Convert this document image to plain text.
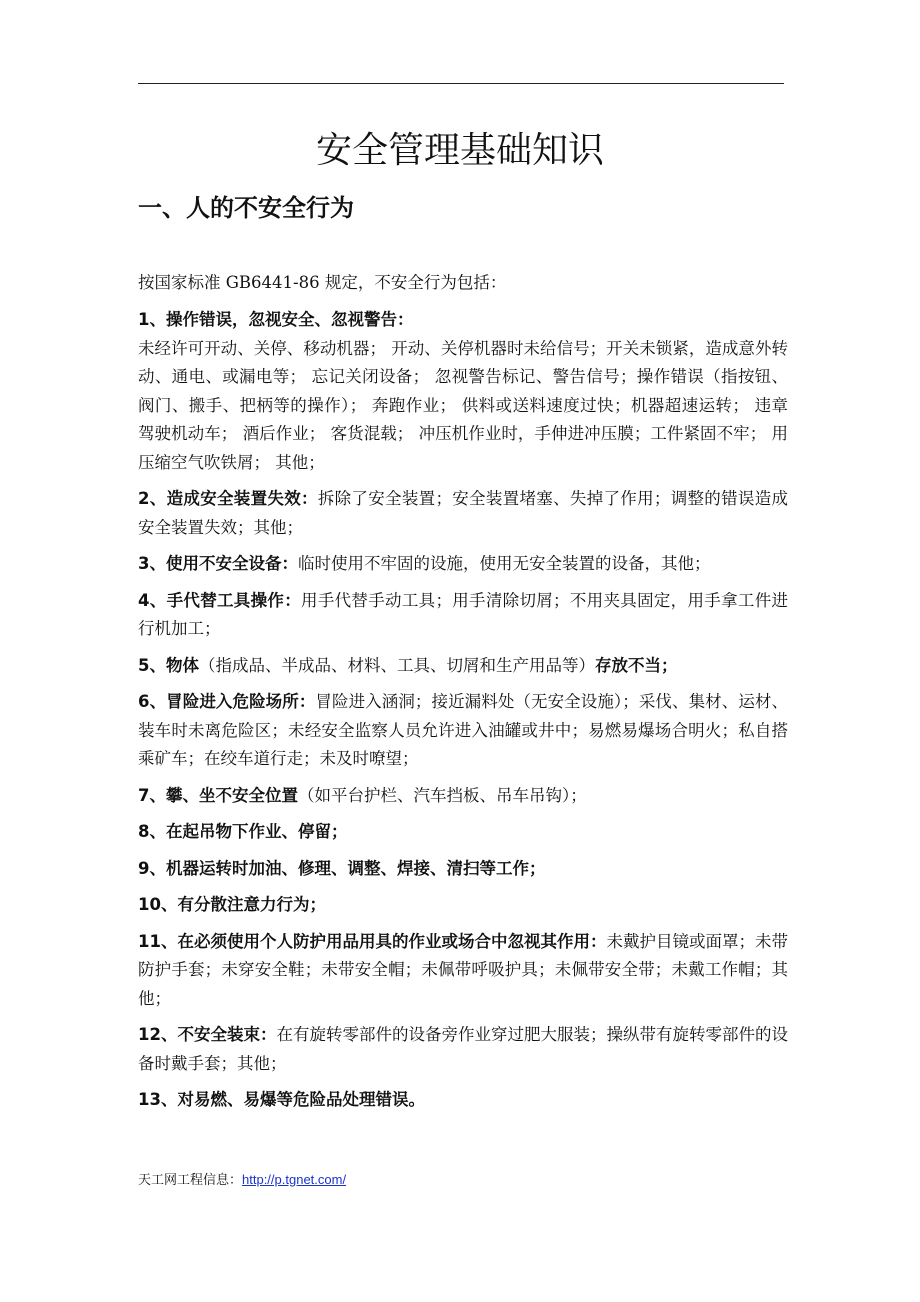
安全管理基础知识
一、人的不安全行为

按国家标准 GB6441-86 规定，不安全行为包括：

1、操作错误，忽视安全、忽视警告：
未经许可开动、关停、移动机器； 开动、关停机器时未给信号；开关未锁紧，造成意外转动、通电、或漏电等； 忘记关闭设备； 忽视警告标记、警告信号；操作错误（指按钮、阀门、搬手、把柄等的操作）； 奔跑作业； 供料或送料速度过快；机器超速运转； 违章驾驶机动车； 酒后作业； 客货混载； 冲压机作业时，手伸进冲压膜；工件紧固不牢； 用压缩空气吹铁屑； 其他；
2、造成安全装置失效：拆除了安全装置；安全装置堵塞、失掉了作用；调整的错误造成安全装置失效；其他；
3、使用不安全设备：临时使用不牢固的设施，使用无安全装置的设备，其他；
4、手代替工具操作：用手代替手动工具；用手清除切屑；不用夹具固定，用手拿工件进行机加工；
5、物体（指成品、半成品、材料、工具、切屑和生产用品等）存放不当；
6、冒险进入危险场所：冒险进入涵洞；接近漏料处（无安全设施）；采伐、集材、运材、装车时未离危险区；未经安全监察人员允许进入油罐或井中；易燃易爆场合明火；私自搭乘矿车；在绞车道行走；未及时嘹望；
7、攀、坐不安全位置（如平台护栏、汽车挡板、吊车吊钩）；
8、在起吊物下作业、停留；
9、机器运转时加油、修理、调整、焊接、清扫等工作；
10、有分散注意力行为；
11、在必须使用个人防护用品用具的作业或场合中忽视其作用：未戴护目镜或面罩；未带防护手套；未穿安全鞋；未带安全帽；未佩带呼吸护具；未佩带安全带；未戴工作帽；其他；
12、不安全装束：在有旋转零部件的设备旁作业穿过肥大服装；操纵带有旋转零部件的设备时戴手套；其他；
13、对易燃、易爆等危险品处理错误。
天工网工程信息：http://p.tgnet.com/
